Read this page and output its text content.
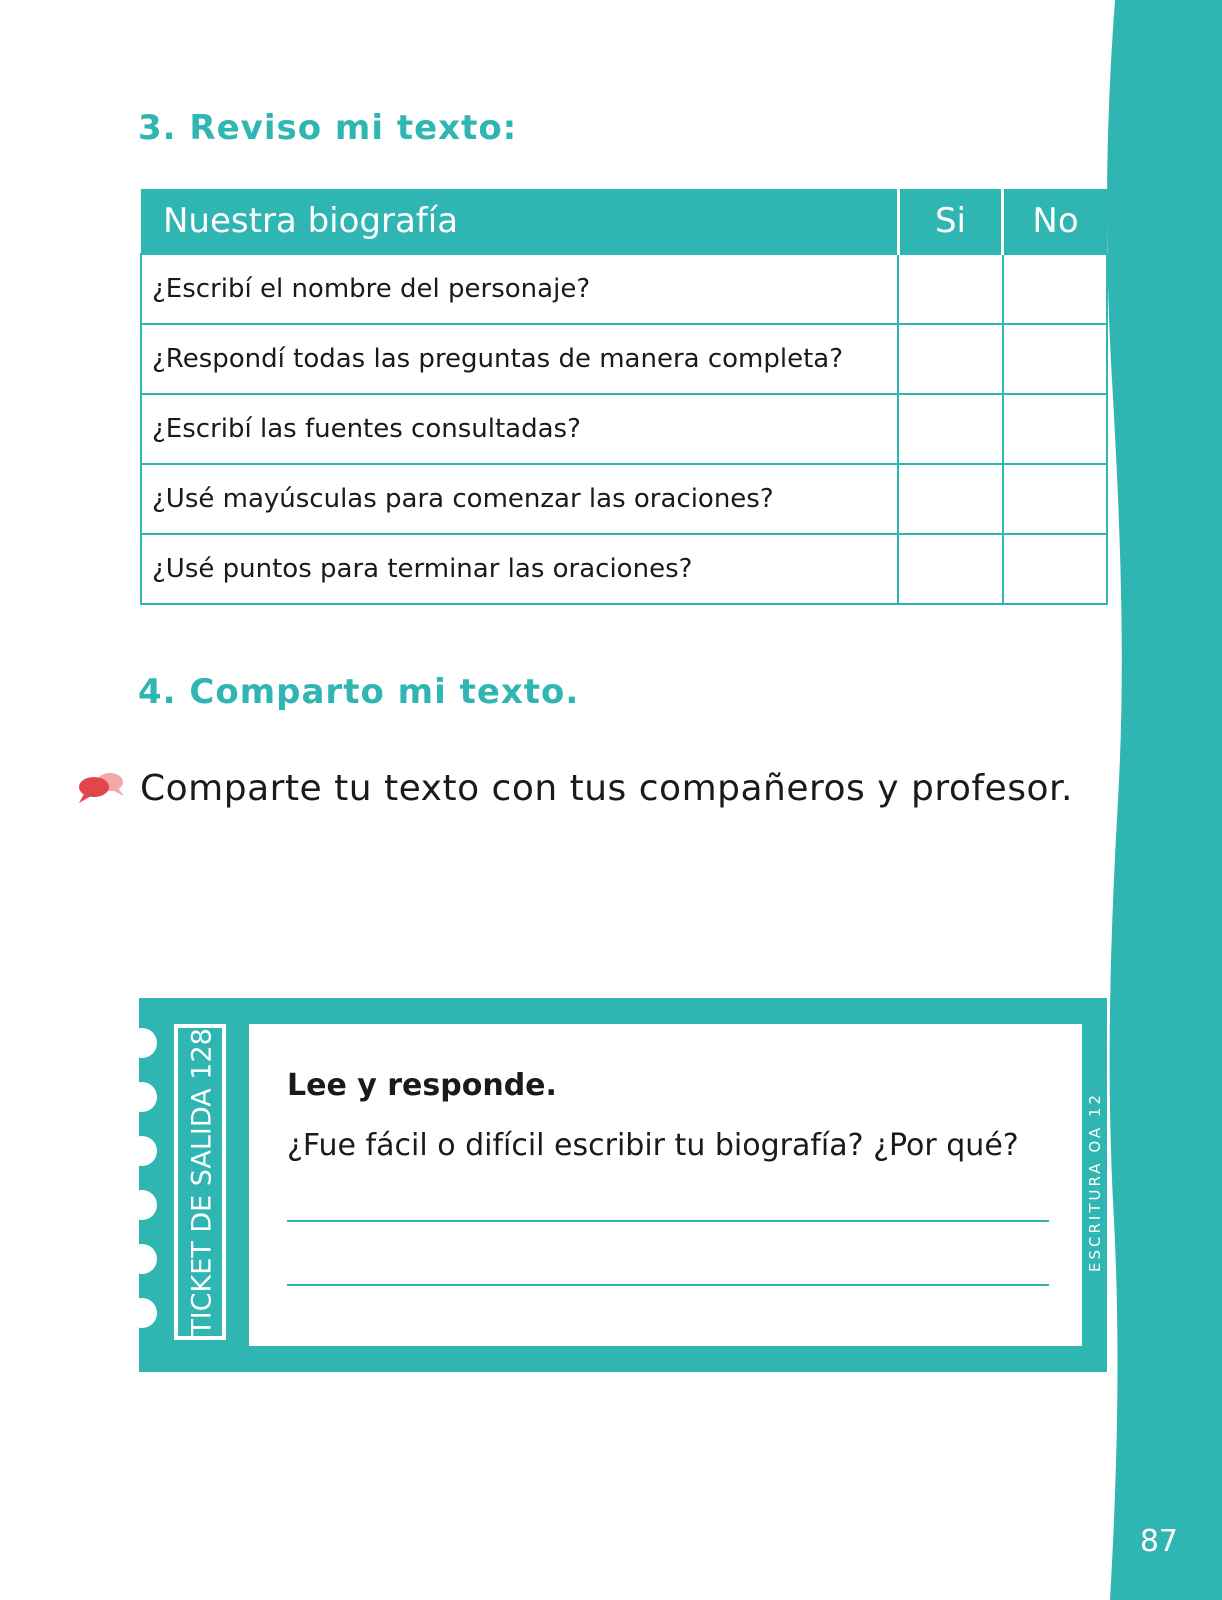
87
3. Reviso mi texto:
Nuestra biografía	Si	No
¿Escribí el nombre del personaje?		
¿Respondí todas las preguntas de manera completa?		
¿Escribí las fuentes consultadas?		
¿Usé mayúsculas para comenzar las oraciones?		
¿Usé puntos para terminar las oraciones?		
4. Comparto mi texto.

Comparte tu texto con tus compañeros y profesor.

TICKET DE SALIDA 128 Lee y responde.

¿Fue fácil o difícil escribir tu biografía? ¿Por qué?	ESCRITURA OA 12
